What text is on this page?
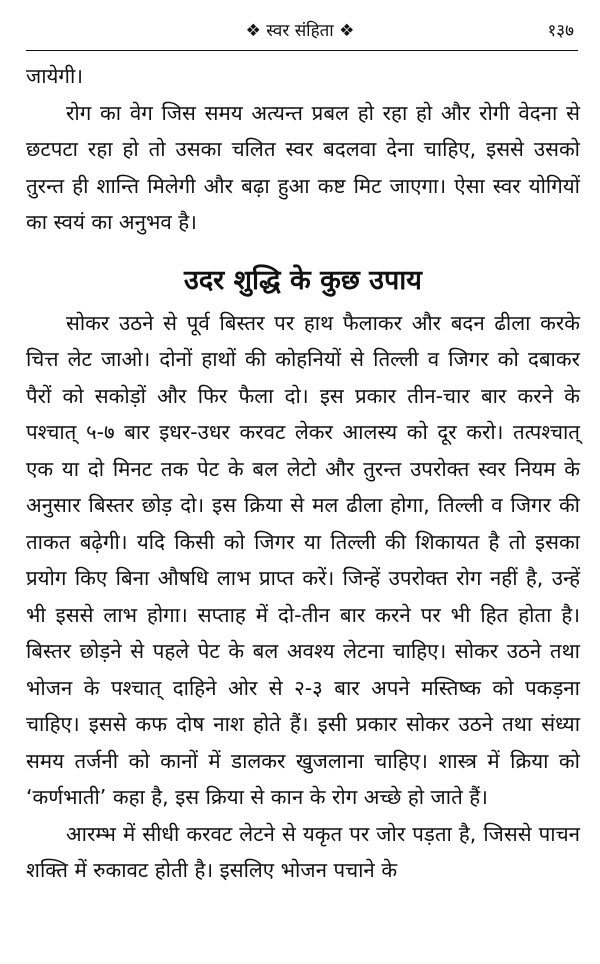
❖ स्वर संहिता ❖	१३७

जायेगी।

रोग का वेग जिस समय अत्यन्त प्रबल हो रहा हो और रोगी वेदना से छटपटा रहा हो तो उसका चलित स्वर बदलवा देना चाहिए, इससे उसको तुरन्त ही शान्ति मिलेगी और बढ़ा हुआ कष्ट मिट जाएगा। ऐसा स्वर योगियों का स्वयं का अनुभव है।

उदर शुद्धि के कुछ उपाय

सोकर उठने से पूर्व बिस्तर पर हाथ फैलाकर और बदन ढीला करके चित्त लेट जाओ। दोनों हाथों की कोहनियों से तिल्ली व जिगर को दबाकर पैरों को सकोड़ों और फिर फैला दो। इस प्रकार तीन-चार बार करने के पश्चात् ५-७ बार इधर-उधर करवट लेकर आलस्य को दूर करो। तत्पश्चात् एक या दो मिनट तक पेट के बल लेटो और तुरन्त उपरोक्त स्वर नियम के अनुसार बिस्तर छोड़ दो। इस क्रिया से मल ढीला होगा, तिल्ली व जिगर की ताकत बढ़ेगी। यदि किसी को जिगर या तिल्ली की शिकायत है तो इसका प्रयोग किए बिना औषधि लाभ प्राप्त करें। जिन्हें उपरोक्त रोग नहीं है, उन्हें भी इससे लाभ होगा। सप्ताह में दो-तीन बार करने पर भी हित होता है। बिस्तर छोड़ने से पहले पेट के बल अवश्य लेटना चाहिए। सोकर उठने तथा भोजन के पश्चात् दाहिने ओर से २-३ बार अपने मस्तिष्क को पकड़ना चाहिए। इससे कफ दोष नाश होते हैं। इसी प्रकार सोकर उठने तथा संध्या समय तर्जनी को कानों में डालकर खुजलाना चाहिए। शास्त्र में क्रिया को ‘कर्णभाती’ कहा है, इस क्रिया से कान के रोग अच्छे हो जाते हैं।

आरम्भ में सीधी करवट लेटने से यकृत पर जोर पड़ता है, जिससे पाचन शक्ति में रुकावट होती है। इसलिए भोजन पचाने के
